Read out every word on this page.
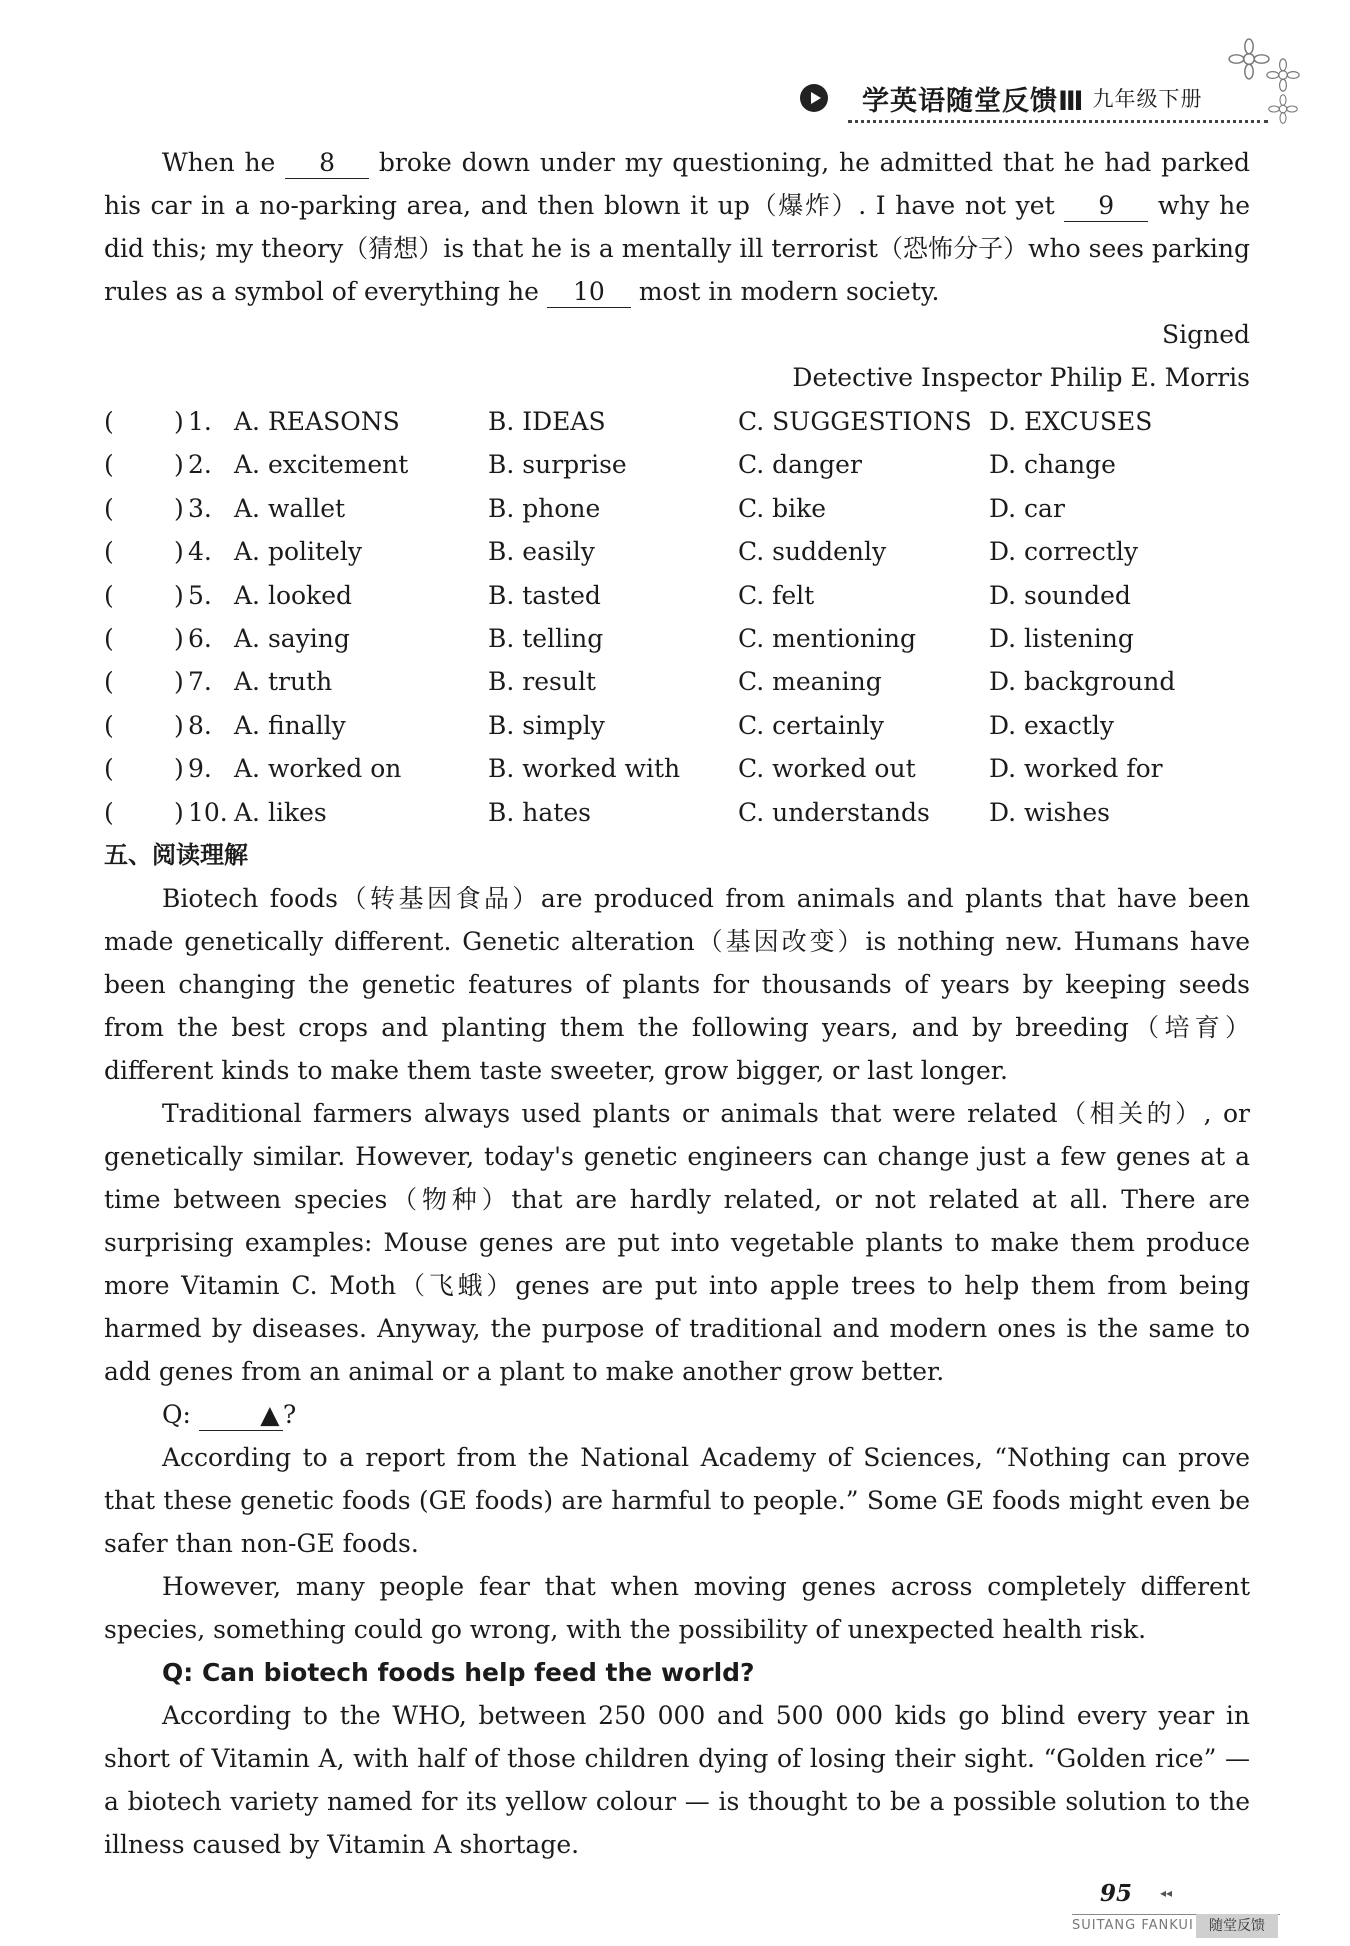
学英语随堂反馈Ⅲ 九年级下册

When he 8 broke down under my questioning, he admitted that he had parked his car in a no-parking area, and then blown it up（爆炸）. I have not yet 9 why he did this; my theory（猜想）is that he is a mentally ill terrorist（恐怖分子）who sees parking rules as a symbol of everything he 10 most in modern society.

Signed

Detective Inspector Philip E. Morris

( ) 1. A. REASONS	B. IDEAS	C. SUGGESTIONS D. EXCUSES
( ) 2. A. excitement	B. surprise	C. danger	D. change
( ) 3. A. wallet	B. phone	C. bike	D. car
( ) 4. A. politely	B. easily	C. suddenly	D. correctly
( ) 5. A. looked	B. tasted	C. felt	D. sounded
( ) 6. A. saying	B. telling	C. mentioning	D. listening
( ) 7. A. truth	B. result	C. meaning	D. background
( ) 8. A. finally	B. simply	C. certainly	D. exactly
( ) 9. A. worked on	B. worked with C. worked out	D. worked for
( ) 10. A. likes	B. hates	C. understands D. wishes
五、阅读理解

Biotech foods（转基因食品）are produced from animals and plants that have been made genetically different. Genetic alteration（基因改变）is nothing new. Humans have been changing the genetic features of plants for thousands of years by keeping seeds from the best crops and planting them the following years, and by breeding（培育）different kinds to make them taste sweeter, grow bigger, or last longer.

Traditional farmers always used plants or animals that were related（相关的）, or genetically similar. However, today's genetic engineers can change just a few genes at a time between species（物种）that are hardly related, or not related at all. There are surprising examples: Mouse genes are put into vegetable plants to make them produce more Vitamin C. Moth（飞蛾）genes are put into apple trees to help them from being harmed by diseases. Anyway, the purpose of traditional and modern ones is the same to add genes from an animal or a plant to make another grow better.

Q: ▲ ?

According to a report from the National Academy of Sciences, “Nothing can prove that these genetic foods (GE foods) are harmful to people.” Some GE foods might even be safer than non-GE foods.

However, many people fear that when moving genes across completely different species, something could go wrong, with the possibility of unexpected health risk.

Q: Can biotech foods help feed the world?

According to the WHO, between 250 000 and 500 000 kids go blind every year in short of Vitamin A, with half of those children dying of losing their sight. “Golden rice” — a biotech variety named for its yellow colour — is thought to be a possible solution to the illness caused by Vitamin A shortage.

95 ◂◂
SUITANG FANKUI	随堂反馈
